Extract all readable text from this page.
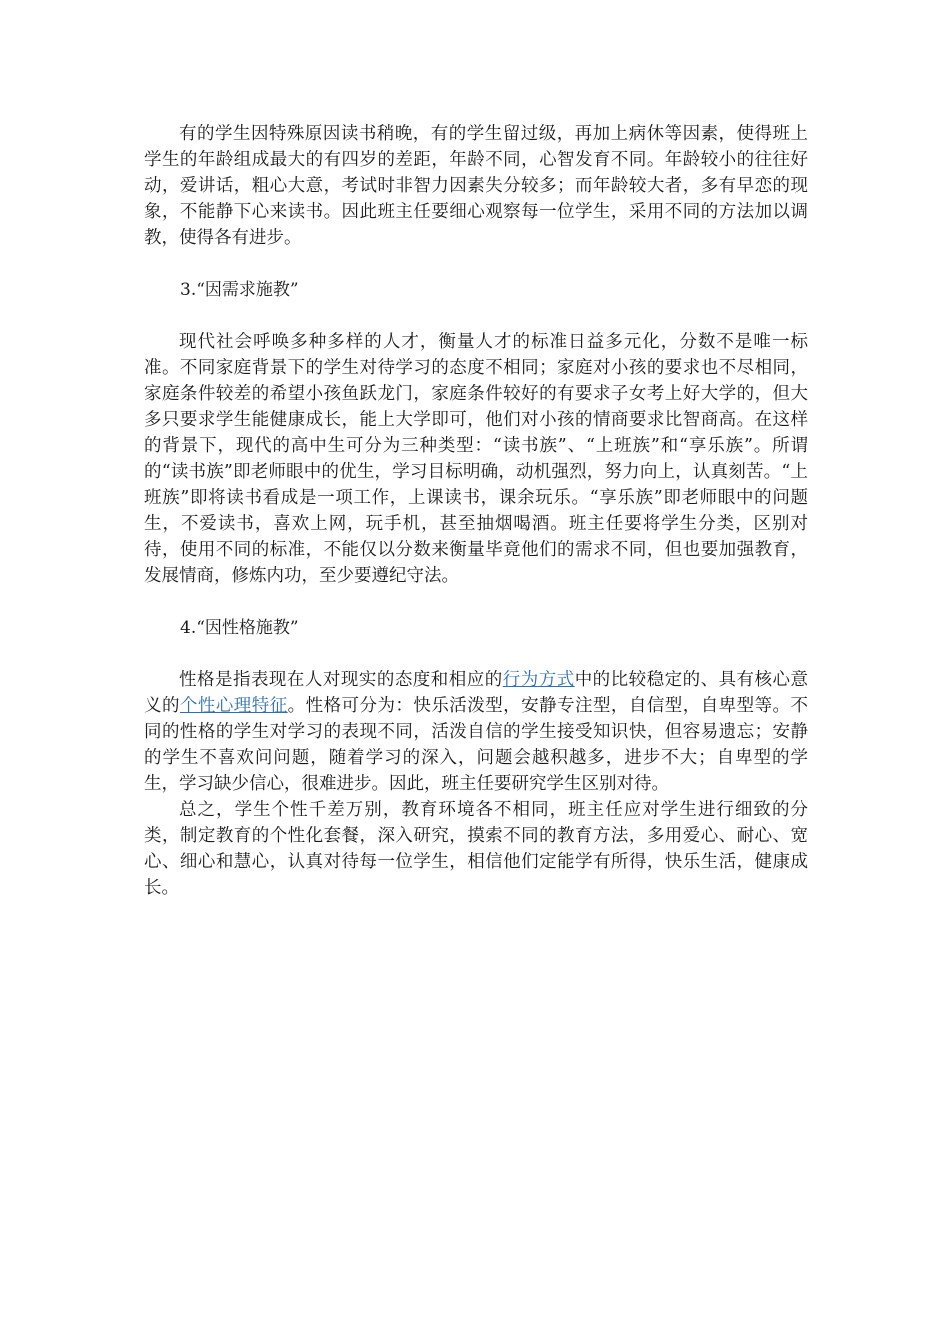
有的学生因特殊原因读书稍晚，有的学生留过级，再加上病休等因素，使得班上学生的年龄组成最大的有四岁的差距，年龄不同，心智发育不同。年龄较小的往往好动，爱讲话，粗心大意，考试时非智力因素失分较多；而年龄较大者，多有早恋的现象，不能静下心来读书。因此班主任要细心观察每一位学生，采用不同的方法加以调教，使得各有进步。

3.“因需求施教”

现代社会呼唤多种多样的人才，衡量人才的标准日益多元化，分数不是唯一标准。不同家庭背景下的学生对待学习的态度不相同；家庭对小孩的要求也不尽相同，家庭条件较差的希望小孩鱼跃龙门，家庭条件较好的有要求子女考上好大学的，但大多只要求学生能健康成长，能上大学即可，他们对小孩的情商要求比智商高。在这样的背景下，现代的高中生可分为三种类型：“读书族”、“上班族”和“享乐族”。所谓的“读书族”即老师眼中的优生，学习目标明确，动机强烈，努力向上，认真刻苦。“上班族”即将读书看成是一项工作，上课读书，课余玩乐。“享乐族”即老师眼中的问题生，不爱读书，喜欢上网，玩手机，甚至抽烟喝酒。班主任要将学生分类，区别对待，使用不同的标准，不能仅以分数来衡量毕竟他们的需求不同，但也要加强教育，发展情商，修炼内功，至少要遵纪守法。

4.“因性格施教”

性格是指表现在人对现实的态度和相应的行为方式中的比较稳定的、具有核心意义的个性心理特征。性格可分为：快乐活泼型，安静专注型，自信型，自卑型等。不同的性格的学生对学习的表现不同，活泼自信的学生接受知识快，但容易遗忘；安静的学生不喜欢问问题，随着学习的深入，问题会越积越多，进步不大；自卑型的学生，学习缺少信心，很难进步。因此，班主任要研究学生区别对待。

总之，学生个性千差万别，教育环境各不相同，班主任应对学生进行细致的分类，制定教育的个性化套餐，深入研究，摸索不同的教育方法，多用爱心、耐心、宽心、细心和慧心，认真对待每一位学生，相信他们定能学有所得，快乐生活，健康成长。
